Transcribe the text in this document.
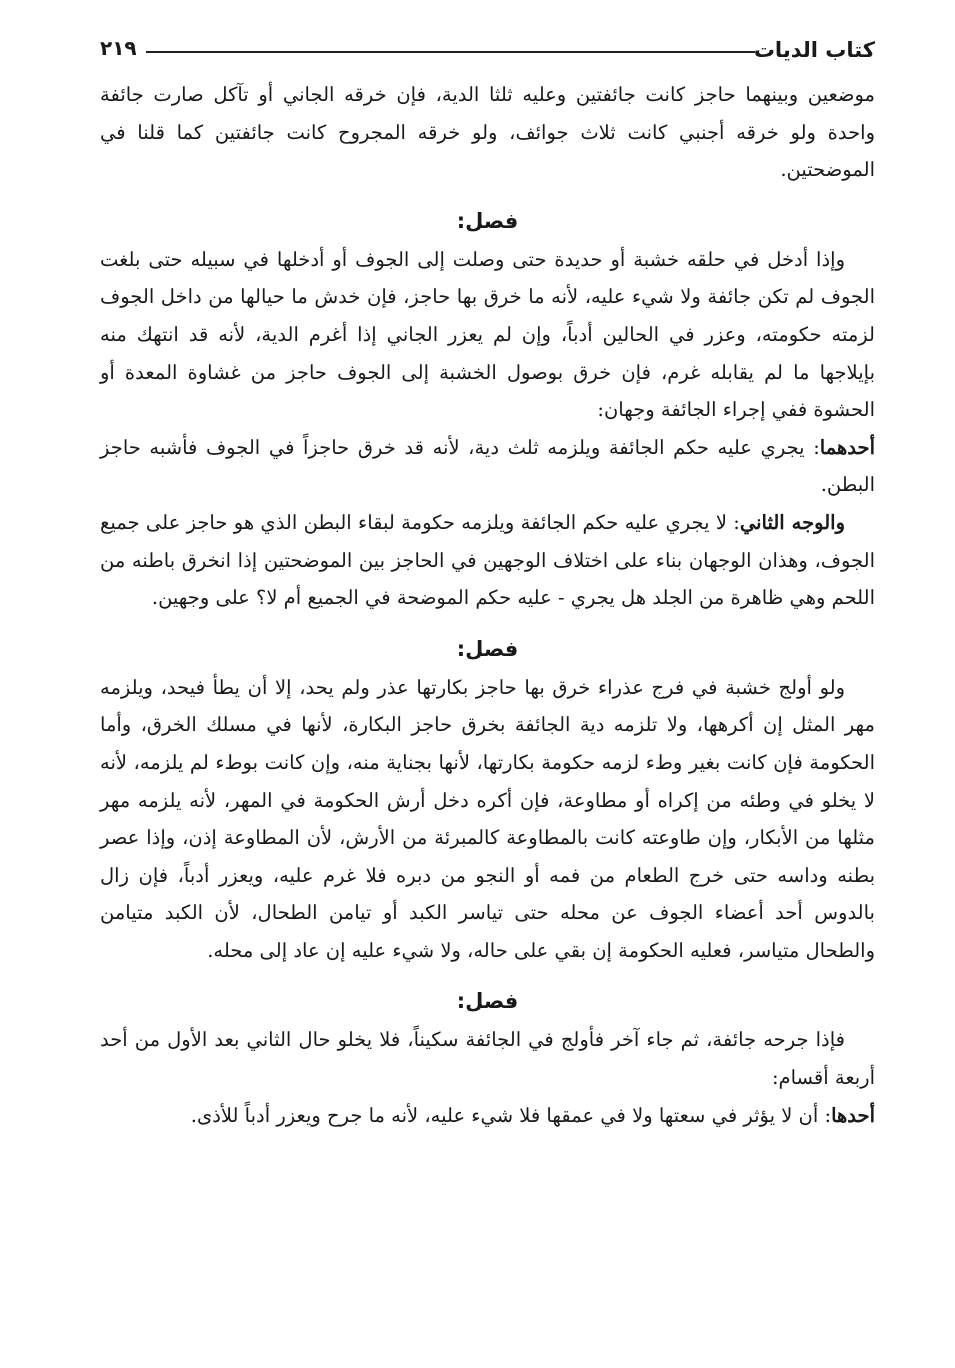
٢١٩	كتاب الديات

موضعين وبينهما حاجز كانت جائفتين وعليه ثلثا الدية، فإن خرقه الجاني أو تآكل صارت جائفة واحدة ولو خرقه أجنبي كانت ثلاث جوائف، ولو خرقه المجروح كانت جائفتين كما قلنا في الموضحتين.

فصل:

وإذا أدخل في حلقه خشبة أو حديدة حتى وصلت إلى الجوف أو أدخلها في سبيله حتى بلغت الجوف لم تكن جائفة ولا شيء عليه، لأنه ما خرق بها حاجز، فإن خدش ما حيالها من داخل الجوف لزمته حكومته، وعزر في الحالين أدباً، وإن لم يعزر الجاني إذا أغرم الدية، لأنه قد انتهك منه بإيلاجها ما لم يقابله غرم، فإن خرق بوصول الخشبة إلى الجوف حاجز من غشاوة المعدة أو الحشوة ففي إجراء الجائفة وجهان:

أحدهما: يجري عليه حكم الجائفة ويلزمه ثلث دية، لأنه قد خرق حاجزاً في الجوف فأشبه حاجز البطن.

والوجه الثاني: لا يجري عليه حكم الجائفة ويلزمه حكومة لبقاء البطن الذي هو حاجز على جميع الجوف، وهذان الوجهان بناء على اختلاف الوجهين في الحاجز بين الموضحتين إذا انخرق باطنه من اللحم وهي ظاهرة من الجلد هل يجري - عليه حكم الموضحة في الجميع أم لا؟ على وجهين.

فصل:

ولو أولج خشبة في فرج عذراء خرق بها حاجز بكارتها عذر ولم يحد، إلا أن يطأ فيحد، ويلزمه مهر المثل إن أكرهها، ولا تلزمه دية الجائفة بخرق حاجز البكارة، لأنها في مسلك الخرق، وأما الحكومة فإن كانت بغير وطء لزمه حكومة بكارتها، لأنها بجناية منه، وإن كانت بوطء لم يلزمه، لأنه لا يخلو في وطئه من إكراه أو مطاوعة، فإن أكره دخل أرش الحكومة في المهر، لأنه يلزمه مهر مثلها من الأبكار، وإن طاوعته كانت بالمطاوعة كالمبرئة من الأرش، لأن المطاوعة إذن، وإذا عصر بطنه وداسه حتى خرج الطعام من فمه أو النجو من دبره فلا غرم عليه، ويعزر أدباً، فإن زال بالدوس أحد أعضاء الجوف عن محله حتى تياسر الكبد أو تيامن الطحال، لأن الكبد متيامن والطحال متياسر، فعليه الحكومة إن بقي على حاله، ولا شيء عليه إن عاد إلى محله.

فصل:

فإذا جرحه جائفة، ثم جاء آخر فأولج في الجائفة سكيناً، فلا يخلو حال الثاني بعد الأول من أحد أربعة أقسام:

أحدها: أن لا يؤثر في سعتها ولا في عمقها فلا شيء عليه، لأنه ما جرح ويعزر أدباً للأذى.
